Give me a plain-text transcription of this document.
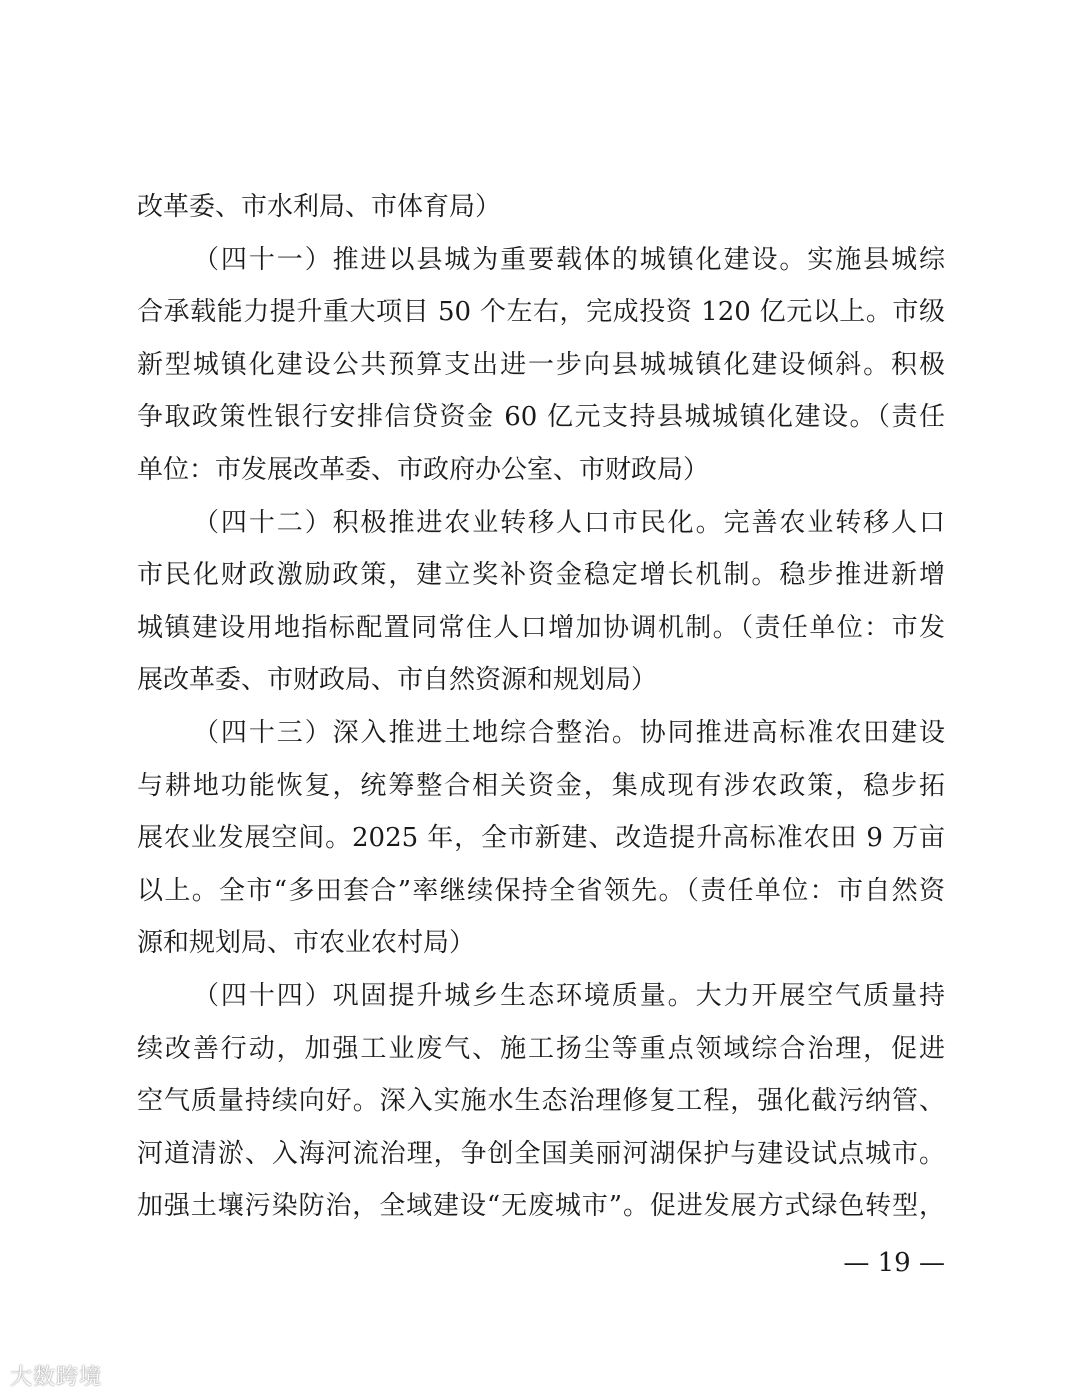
改革委、市水利局、市体育局）
（四十一）推进以县城为重要载体的城镇化建设。实施县城综
合承载能力提升重大项目 50 个左右，完成投资 120 亿元以上。市级
新型城镇化建设公共预算支出进一步向县城城镇化建设倾斜。积极
争取政策性银行安排信贷资金 60 亿元支持县城城镇化建设。（责任
单位：市发展改革委、市政府办公室、市财政局）
（四十二）积极推进农业转移人口市民化。完善农业转移人口
市民化财政激励政策，建立奖补资金稳定增长机制。稳步推进新增
城镇建设用地指标配置同常住人口增加协调机制。（责任单位：市发
展改革委、市财政局、市自然资源和规划局）
（四十三）深入推进土地综合整治。协同推进高标准农田建设
与耕地功能恢复，统筹整合相关资金，集成现有涉农政策，稳步拓
展农业发展空间。2025 年，全市新建、改造提升高标准农田 9 万亩
以上。全市“多田套合”率继续保持全省领先。（责任单位：市自然资
源和规划局、市农业农村局）
（四十四）巩固提升城乡生态环境质量。大力开展空气质量持
续改善行动，加强工业废气、施工扬尘等重点领域综合治理，促进
空气质量持续向好。深入实施水生态治理修复工程，强化截污纳管、
河道清淤、入海河流治理，争创全国美丽河湖保护与建设试点城市。
加强土壤污染防治，全域建设“无废城市”。促进发展方式绿色转型，
— 19 —
大数跨境
